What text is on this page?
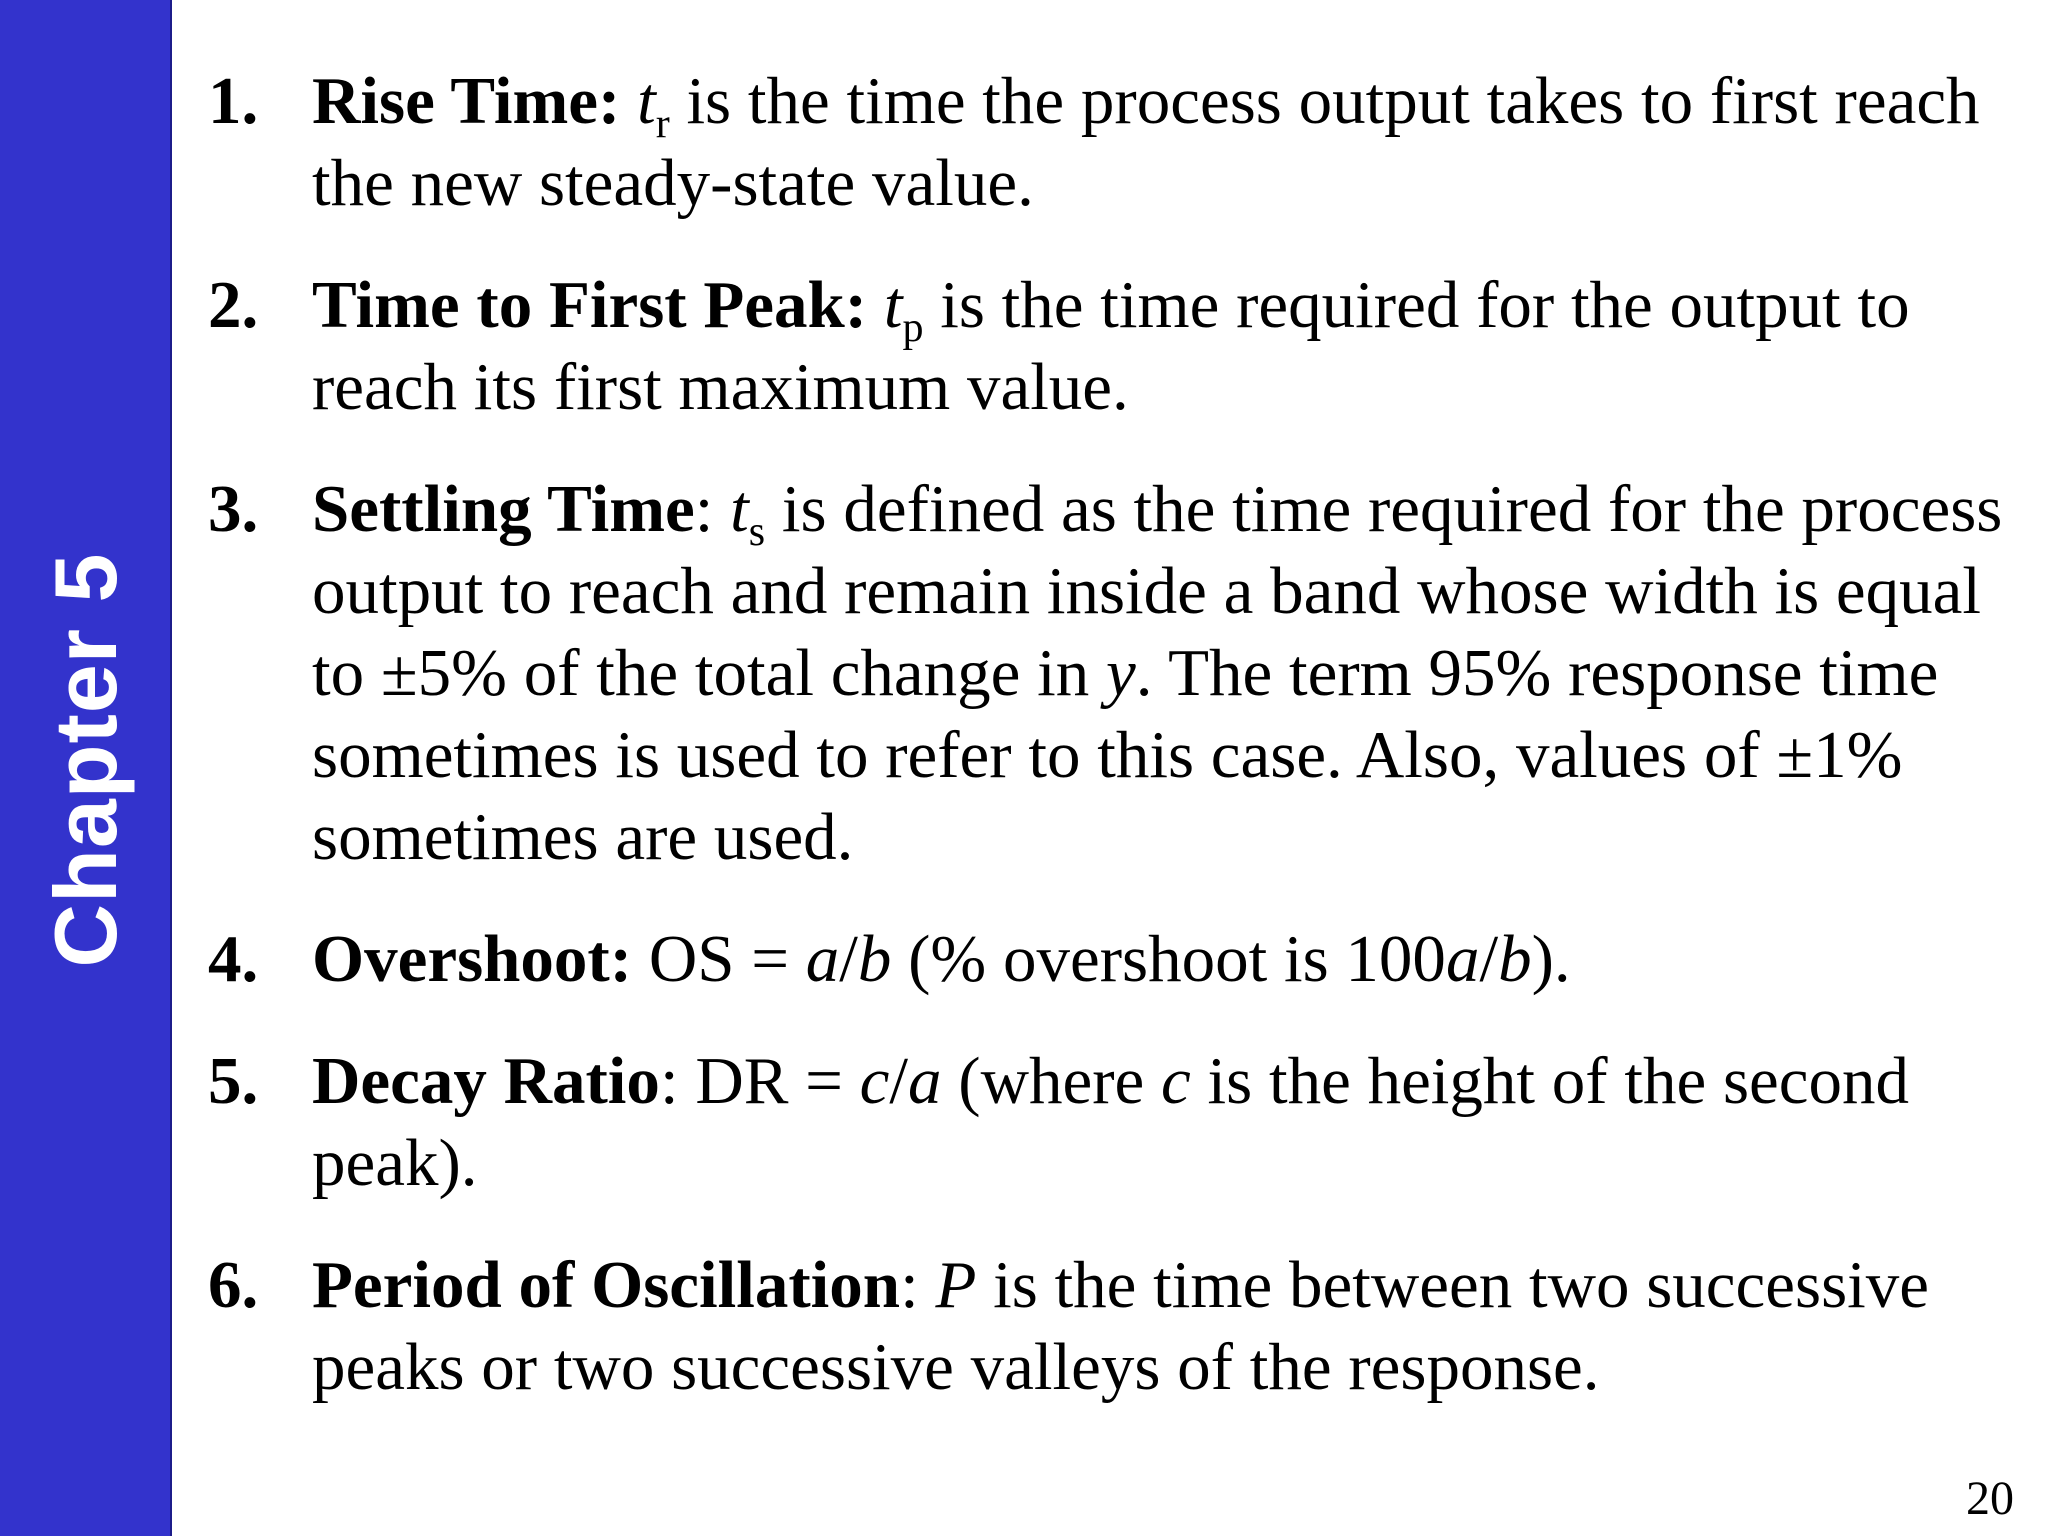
Chapter 5
1. Rise Time: $t_r$ is the time the process output takes to first reach the new steady-state value.
2. Time to First Peak: $t_p$ is the time required for the output to reach its first maximum value.
3. Settling Time: $t_s$ is defined as the time required for the process output to reach and remain inside a band whose width is equal to ±5% of the total change in y. The term 95% response time sometimes is used to refer to this case. Also, values of ±1% sometimes are used.
4. Overshoot: OS = a/b (% overshoot is 100a/b).
5. Decay Ratio: DR = c/a (where c is the height of the second peak).
6. Period of Oscillation: P is the time between two successive peaks or two successive valleys of the response.
20
